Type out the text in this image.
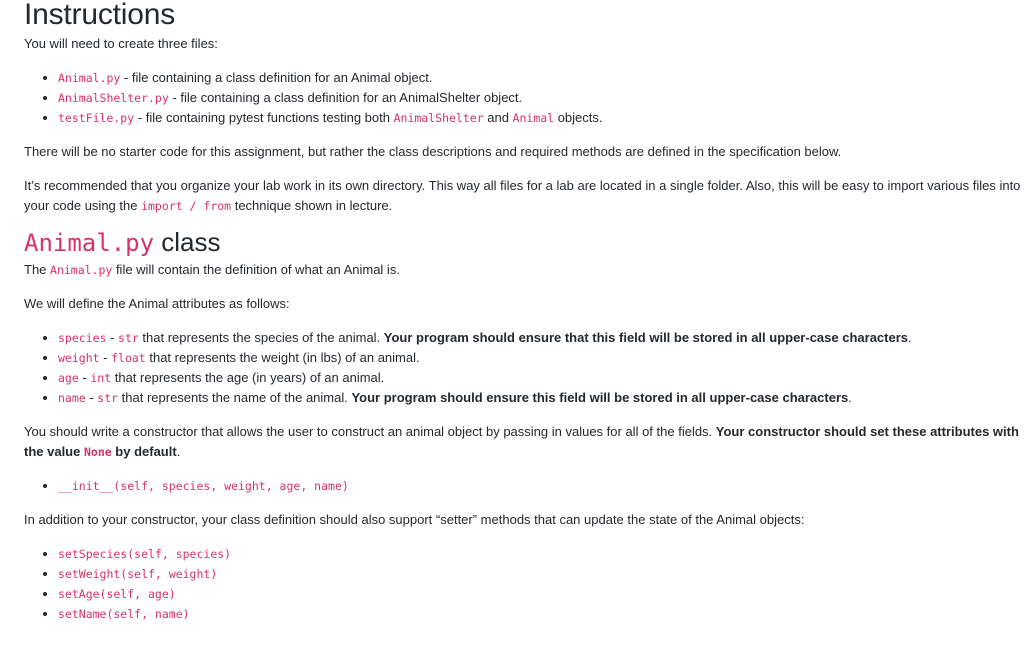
Instructions

You will need to create three files:

• Animal.py - file containing a class definition for an Animal object.
• AnimalShelter.py - file containing a class definition for an AnimalShelter object.
• testFile.py - file containing pytest functions testing both AnimalShelter and Animal objects.

There will be no starter code for this assignment, but rather the class descriptions and required methods are defined in the specification below.

It’s recommended that you organize your lab work in its own directory. This way all files for a lab are located in a single folder. Also, this will be easy to import various files into your code using the import / from technique shown in lecture.

Animal.py class

The Animal.py file will contain the definition of what an Animal is.

We will define the Animal attributes as follows:

• species - str that represents the species of the animal. Your program should ensure that this field will be stored in all upper-case characters.
• weight - float that represents the weight (in lbs) of an animal.
• age - int that represents the age (in years) of an animal.
• name - str that represents the name of the animal. Your program should ensure this field will be stored in all upper-case characters.

You should write a constructor that allows the user to construct an animal object by passing in values for all of the fields. Your constructor should set these attributes with the value None by default.

• __init__(self, species, weight, age, name)

In addition to your constructor, your class definition should also support “setter” methods that can update the state of the Animal objects:

• setSpecies(self, species)
• setWeight(self, weight)
• setAge(self, age)
• setName(self, name)
